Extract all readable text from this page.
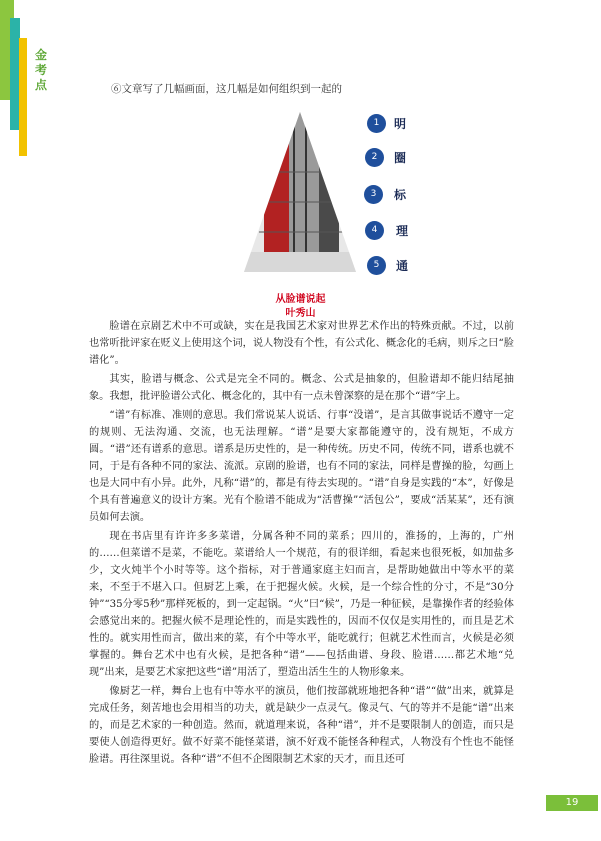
金
考
点	⑥文章写了几幅画面，这几幅是如何组织到一起的
1	明
2	圈
3	标
4	理
5	通
从脸谱说起
叶秀山

脸谱在京剧艺术中不可或缺，实在是我国艺术家对世界艺术作出的特殊贡献。不过，以前也常听批评家在贬义上使用这个词，说人物没有个性，有公式化、概念化的毛病，则斥之曰“脸谱化”。

其实，脸谱与概念、公式是完全不同的。概念、公式是抽象的，但脸谱却不能归结尾抽象。我想，批评脸谱公式化、概念化的，其中有一点未曾深察的是在那个“谱”字上。

“谱”有标准、准则的意思。我们常说某人说话、行事“没谱”，是言其做事说话不遵守一定的规则、无法沟通、交流，也无法理解。“谱”是要大家都能遵守的，没有规矩，不成方圆。“谱”还有谱系的意思。谱系是历史性的，是一种传统。历史不同，传统不同，谱系也就不同，于是有各种不同的家法、流派。京剧的脸谱，也有不同的家法，同样是曹操的脸，勾画上也是大同中有小异。此外，凡称“谱”的，都是有待去实现的。“谱”自身是实践的“本”，好像是个具有普遍意义的设计方案。光有个脸谱不能成为“活曹操”“活包公”，要成“活某某”，还有演员如何去演。

现在书店里有许许多多菜谱，分属各种不同的菜系；四川的，淮扬的，上海的，广州的……但菜谱不是菜，不能吃。菜谱给人一个规范，有的很详细，看起来也很死板，如加盐多少，文火炖半个小时等等。这个指标，对于普通家庭主妇而言，是帮助她做出中等水平的菜来，不至于不堪入口。但厨艺上乘，在于把握火候。火候，是一个综合性的分寸，不是“30分钟”“35分零5秒”那样死板的，到一定起锅。“火”曰“候”，乃是一种征候，是靠操作者的经验体会感觉出来的。把握火候不是理论性的，而是实践性的，因而不仅仅是实用性的，而且是艺术性的。就实用性而言，做出来的菜，有个中等水平，能吃就行；但就艺术性而言，火候是必须掌握的。舞台艺术中也有火候，是把各种“谱”——包括曲谱、身段、脸谱……都艺术地“兑现”出来，是要艺术家把这些“谱”用活了，塑造出活生生的人物形象来。

像厨艺一样，舞台上也有中等水平的演员，他们按部就班地把各种“谱”“做”出来，就算是完成任务，刻苦地也会用相当的功夫，就是缺少一点灵气。像灵气、气的等并不是能“谱”出来的，而是艺术家的一种创造。然而，就道理来说，各种“谱”，并不是要限制人的创造，而只是要使人创造得更好。做不好菜不能怪菜谱，演不好戏不能怪各种程式，人物没有个性也不能怪脸谱。再往深里说。各种“谱”不但不企图限制艺术家的天才，而且还可

19
